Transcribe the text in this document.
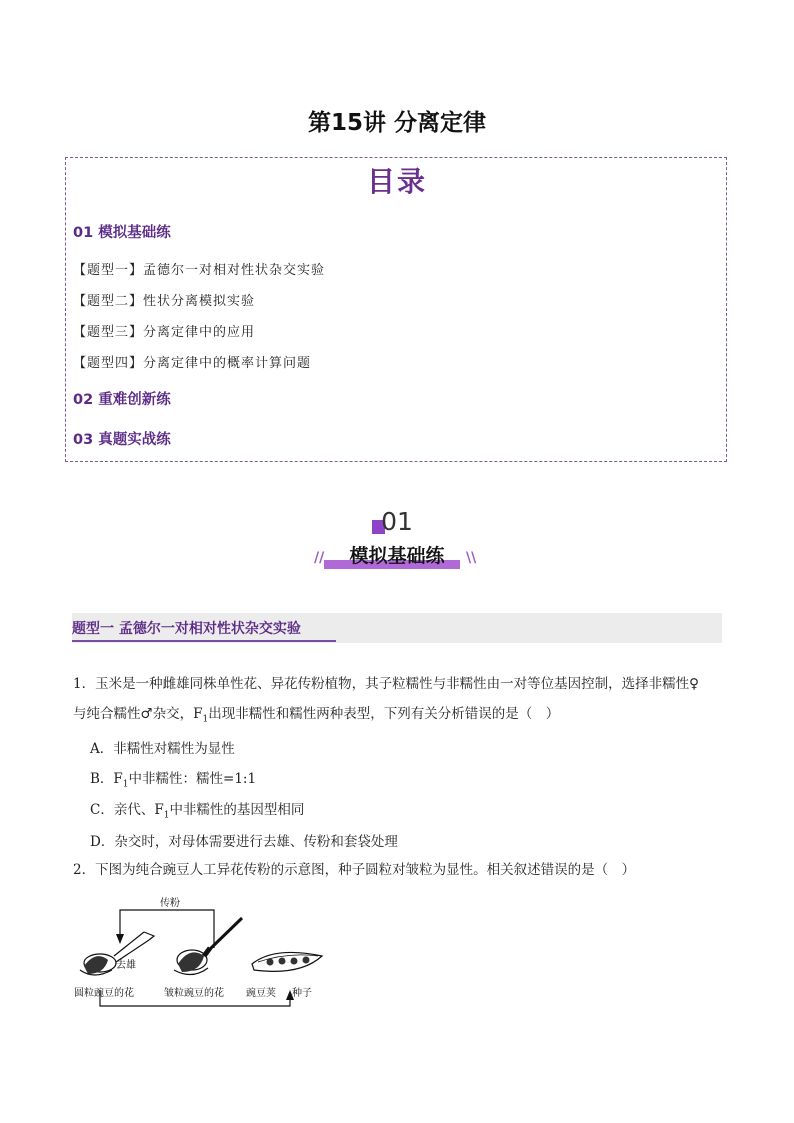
第15讲 分离定律
目录
01 模拟基础练
【题型一】孟德尔一对相对性状杂交实验
【题型二】性状分离模拟实验
【题型三】分离定律中的应用
【题型四】分离定律中的概率计算问题
02 重难创新练
03 真题实战练
01
模拟基础练
//	\\
题型一 孟德尔一对相对性状杂交实验
1．玉米是一种雌雄同株单性花、异花传粉植物，其子粒糯性与非糯性由一对等位基因控制，选择非糯性♀
与纯合糯性♂杂交，$F_1$出现非糯性和糯性两种表型，下列有关分析错误的是（　）
A．非糯性对糯性为显性
B．$F_1$中非糯性：糯性=1:1
C．亲代、$F_1$中非糯性的基因型相同
D．杂交时，对母体需要进行去雄、传粉和套袋处理
2．下图为纯合豌豆人工异花传粉的示意图，种子圆粒对皱粒为显性。相关叙述错误的是（　）
传粉
去雄
圆粒豌豆的花	皱粒豌豆的花 豌豆荚 种子
